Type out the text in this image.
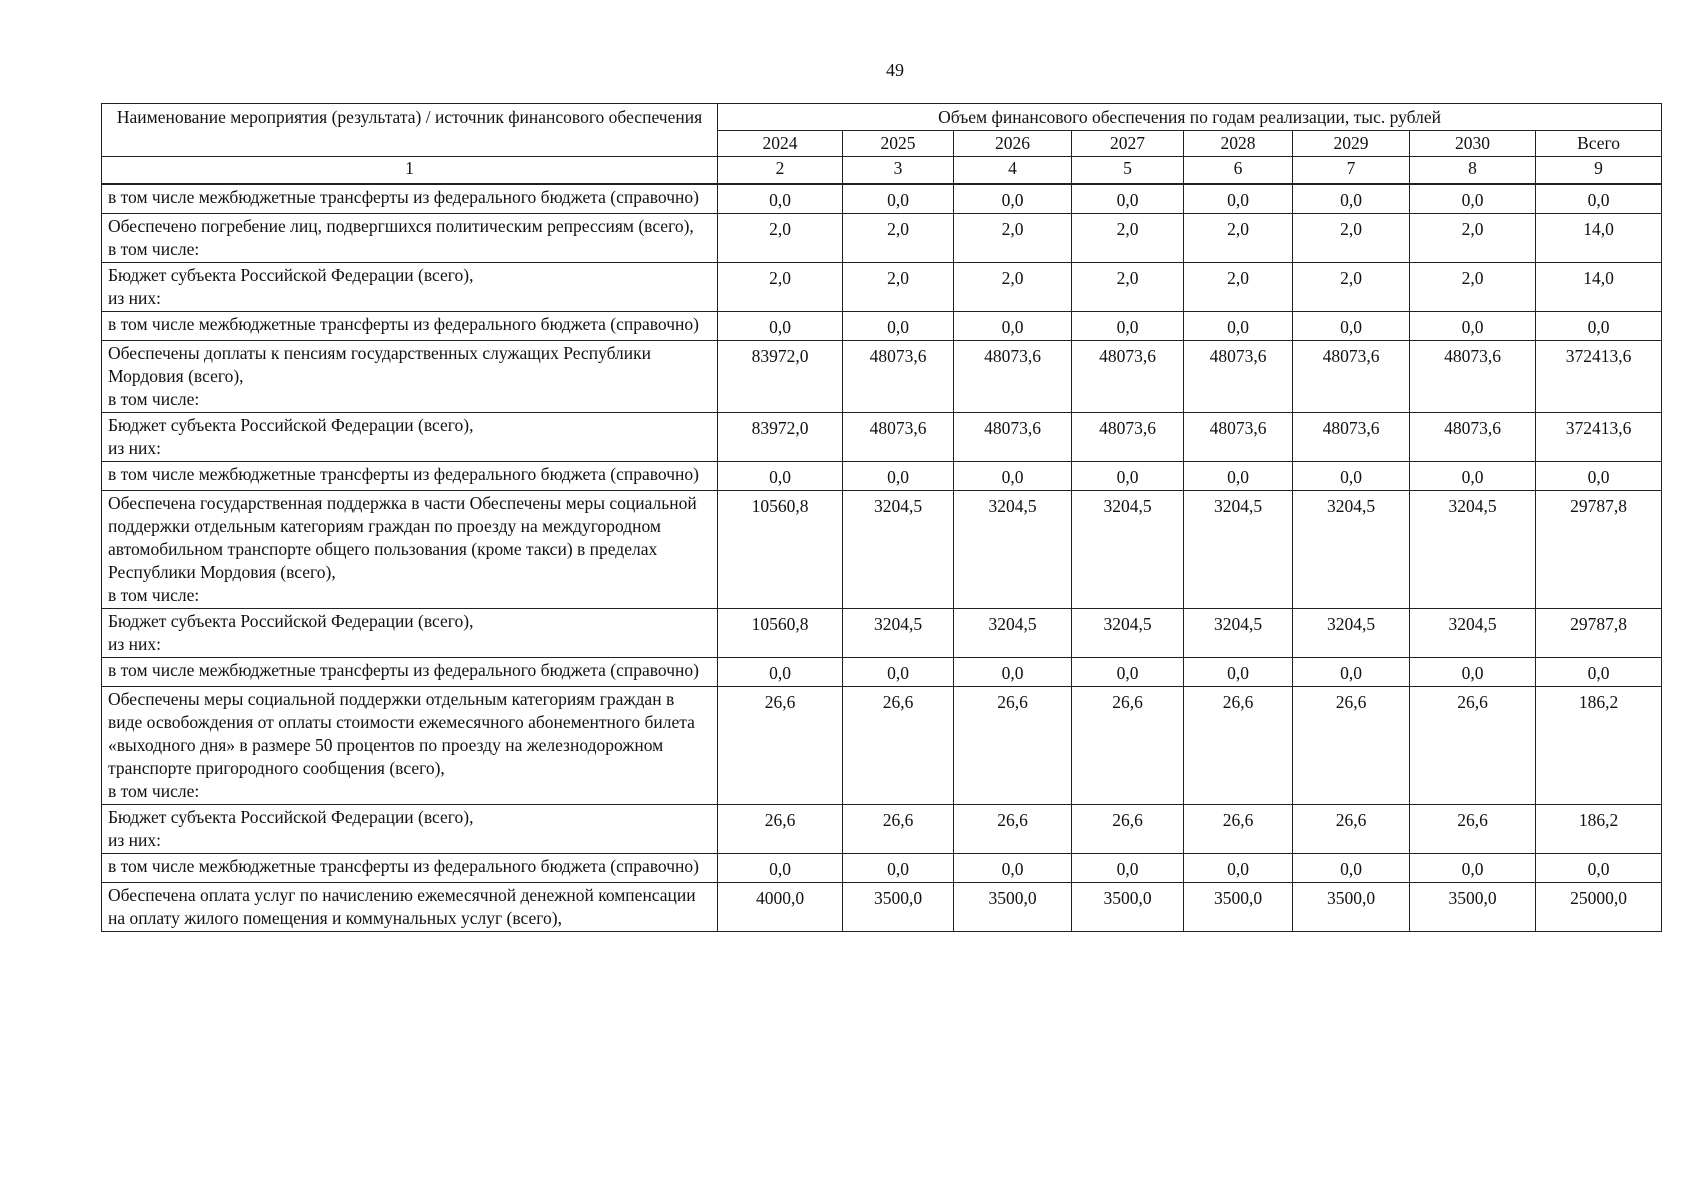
49
Наименование мероприятия (результата) / источник финансового обеспечения	Объем финансового обеспечения по годам реализации, тыс. рублей							
	2024	2025	2026	2027	2028	2029	2030	Всего
1	2	3	4	5	6	7	8	9
в том числе межбюджетные трансферты из федерального бюджета (справочно)	0,0	0,0	0,0	0,0	0,0	0,0	0,0	0,0
Обеспечено погребение лиц, подвергшихся политическим репрессиям (всего),
в том числе:	2,0	2,0	2,0	2,0	2,0	2,0	2,0	14,0
Бюджет субъекта Российской Федерации (всего),
из них:	2,0	2,0	2,0	2,0	2,0	2,0	2,0	14,0
в том числе межбюджетные трансферты из федерального бюджета (справочно)	0,0	0,0	0,0	0,0	0,0	0,0	0,0	0,0
Обеспечены доплаты к пенсиям государственных служащих Республики Мордовия (всего),
в том числе:	83972,0	48073,6	48073,6	48073,6	48073,6	48073,6	48073,6	372413,6
Бюджет субъекта Российской Федерации (всего),
из них:	83972,0	48073,6	48073,6	48073,6	48073,6	48073,6	48073,6	372413,6
в том числе межбюджетные трансферты из федерального бюджета (справочно)	0,0	0,0	0,0	0,0	0,0	0,0	0,0	0,0
Обеспечена государственная поддержка в части Обеспечены меры социальной поддержки отдельным категориям граждан по проезду на междугородном автомобильном транспорте общего пользования (кроме такси) в пределах Республики Мордовия (всего),
в том числе:	10560,8	3204,5	3204,5	3204,5	3204,5	3204,5	3204,5	29787,8
Бюджет субъекта Российской Федерации (всего),
из них:	10560,8	3204,5	3204,5	3204,5	3204,5	3204,5	3204,5	29787,8
в том числе межбюджетные трансферты из федерального бюджета (справочно)	0,0	0,0	0,0	0,0	0,0	0,0	0,0	0,0
Обеспечены меры социальной поддержки отдельным категориям граждан в виде освобождения от оплаты стоимости ежемесячного абонементного билета «выходного дня» в размере 50 процентов по проезду на железнодорожном транспорте пригородного сообщения (всего),
в том числе:	26,6	26,6	26,6	26,6	26,6	26,6	26,6	186,2
Бюджет субъекта Российской Федерации (всего),
из них:	26,6	26,6	26,6	26,6	26,6	26,6	26,6	186,2
в том числе межбюджетные трансферты из федерального бюджета (справочно)	0,0	0,0	0,0	0,0	0,0	0,0	0,0	0,0
Обеспечена оплата услуг по начислению ежемесячной денежной компенсации на оплату жилого помещения и коммунальных услуг (всего),	4000,0	3500,0	3500,0	3500,0	3500,0	3500,0	3500,0	25000,0
